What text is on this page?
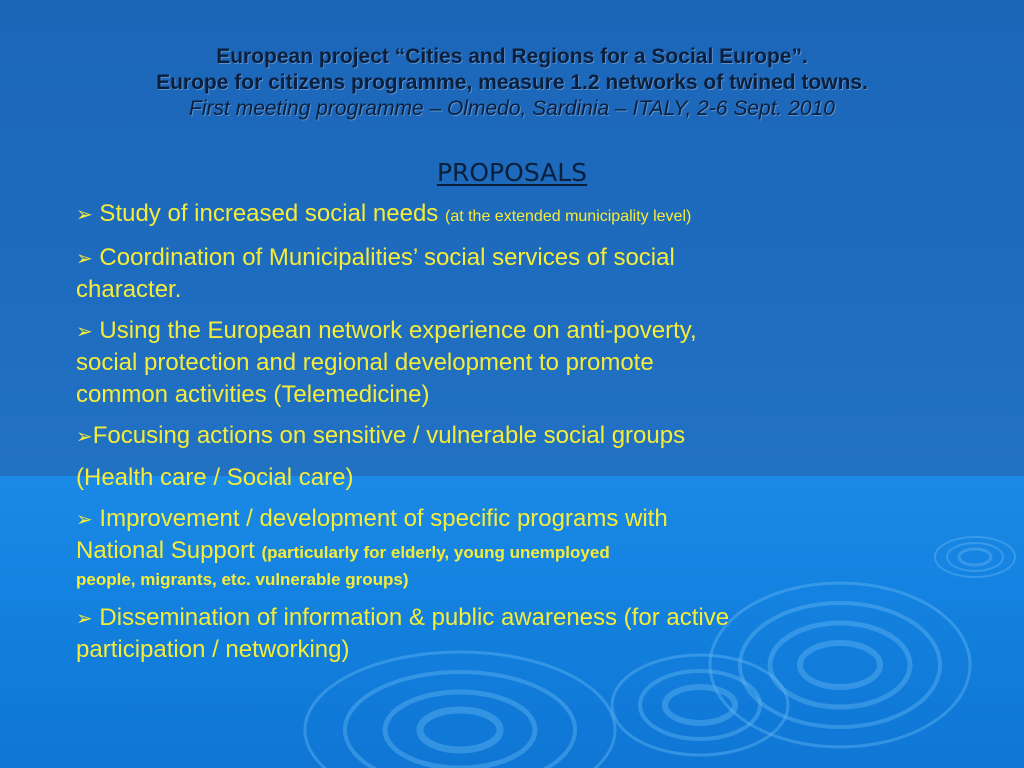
European project “Cities and Regions for a Social Europe”.
Europe for citizens programme, measure 1.2 networks of twined towns.
First meeting programme – Olmedo, Sardinia – ITALY, 2-6 Sept. 2010
PROPOSALS
➢ Study of increased social needs (at the extended municipality level)
➢ Coordination of Municipalities’ social services of social
character.
➢ Using the European network experience on anti-poverty,
social protection and regional development to promote
common activities (Telemedicine)
➢Focusing actions on sensitive / vulnerable social groups
(Health care / Social care)
➢ Improvement / development of specific programs with
National Support (particularly for elderly, young unemployed
people, migrants, etc. vulnerable groups)
➢ Dissemination of information & public awareness (for active
participation / networking)
